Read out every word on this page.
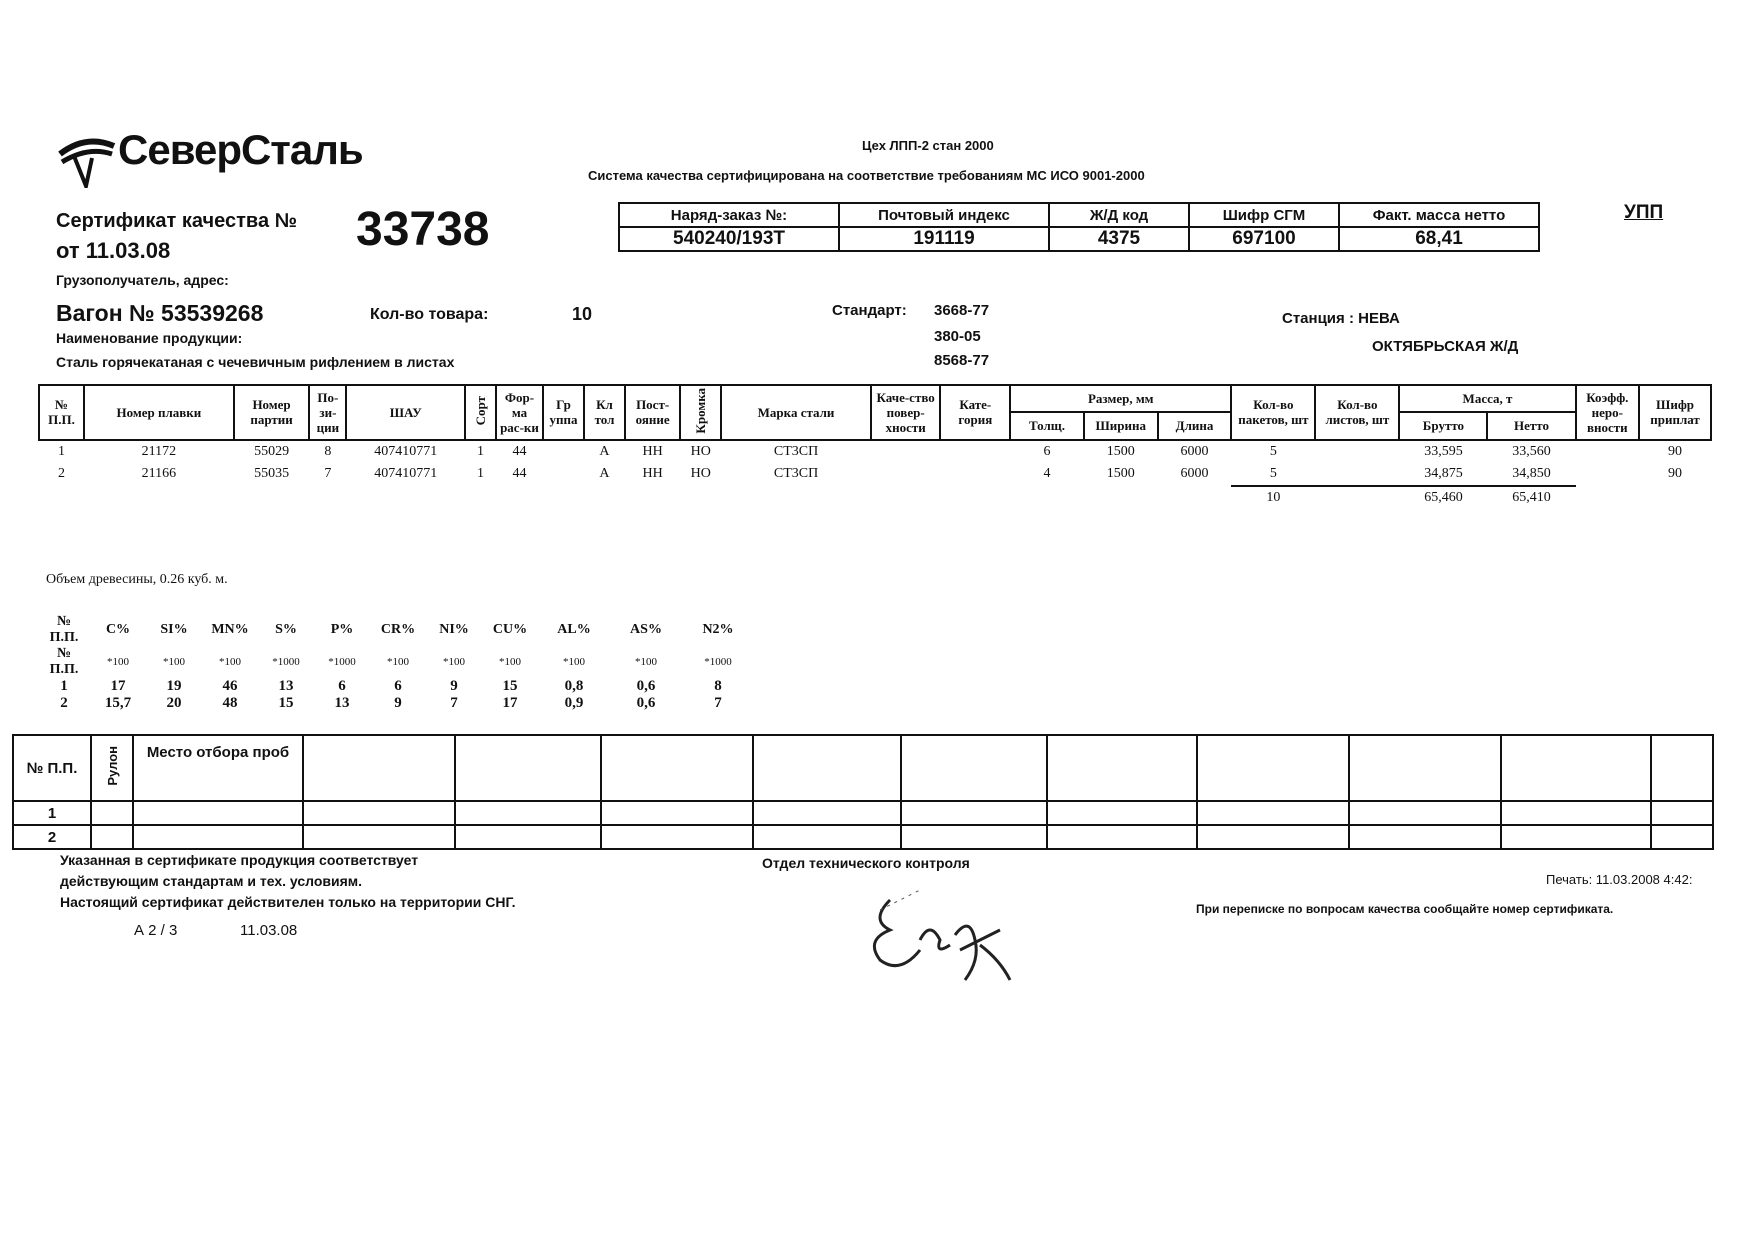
СеверСталь	Цех ЛПП-2 стан 2000
Система качества сертифицирована на соответствие требованиям МС ИСО 9001-2000
Сертификат качества № 33738
от 11.03.08
Грузополучатель, адрес:
Наряд-заказ №:	Почтовый индекс	Ж/Д код	Шифр СГМ	Факт. масса нетто
540240/193Т	191119	4375	697100	68,41
УПП
Вагон № 53539268	Кол-во товара:	10
Наименование продукции:
Сталь горячекатаная с чечевичным рифлением в листах
Стандарт: 3668-77
380-05
8568-77
Станция : НЕВА
ОКТЯБРЬСКАЯ Ж/Д
№ П.П.	Номер плавки	Номер партии	По-зи-ции	ШАУ	Сорт	Фор-ма рас-ки	Гр уппа	Кл тол	Пост-ояние	Кромка	Марка стали	Каче-ство повер-хности	Кате-гория	Размер, мм			Кол-во пакетов, шт	Кол-во листов, шт	Масса, т		Коэфф. неро-вности	Шифр приплат
														Толщ.	Ширина	Длина			Брутто	Нетто		
1	21172	55029	8	407410771	1	44		А	НН	НО	СТ3СП			6	1500	6000	5		33,595	33,560		90
2	21166	55035	7	407410771	1	44		А	НН	НО	СТ3СП			4	1500	6000	5		34,875	34,850		90
																	10		65,460	65,410		
Объем древесины, 0.26 куб. м.
№ П.П.	C%	SI%	MN%	S%	P%	CR%	NI%	CU%	AL%	AS%	N2%
№ П.П.	*100	*100	*100	*1000	*1000	*100	*100	*100	*100	*100	*1000
1	17	19	46	13	6	6	9	15	0,8	0,6	8
2	15,7	20	48	15	13	9	7	17	0,9	0,6	7
№ П.П.	Рулон	Место отбора проб										
1												
2												
Указанная в сертификате продукция соответствует
действующим стандартам и тех. условиям.
Настоящий сертификат действителен только на территории СНГ.
А 2 / 3	11.03.08
Отдел технического контроля
Печать: 11.03.2008 4:42:
При переписке по вопросам качества сообщайте номер сертификата.
